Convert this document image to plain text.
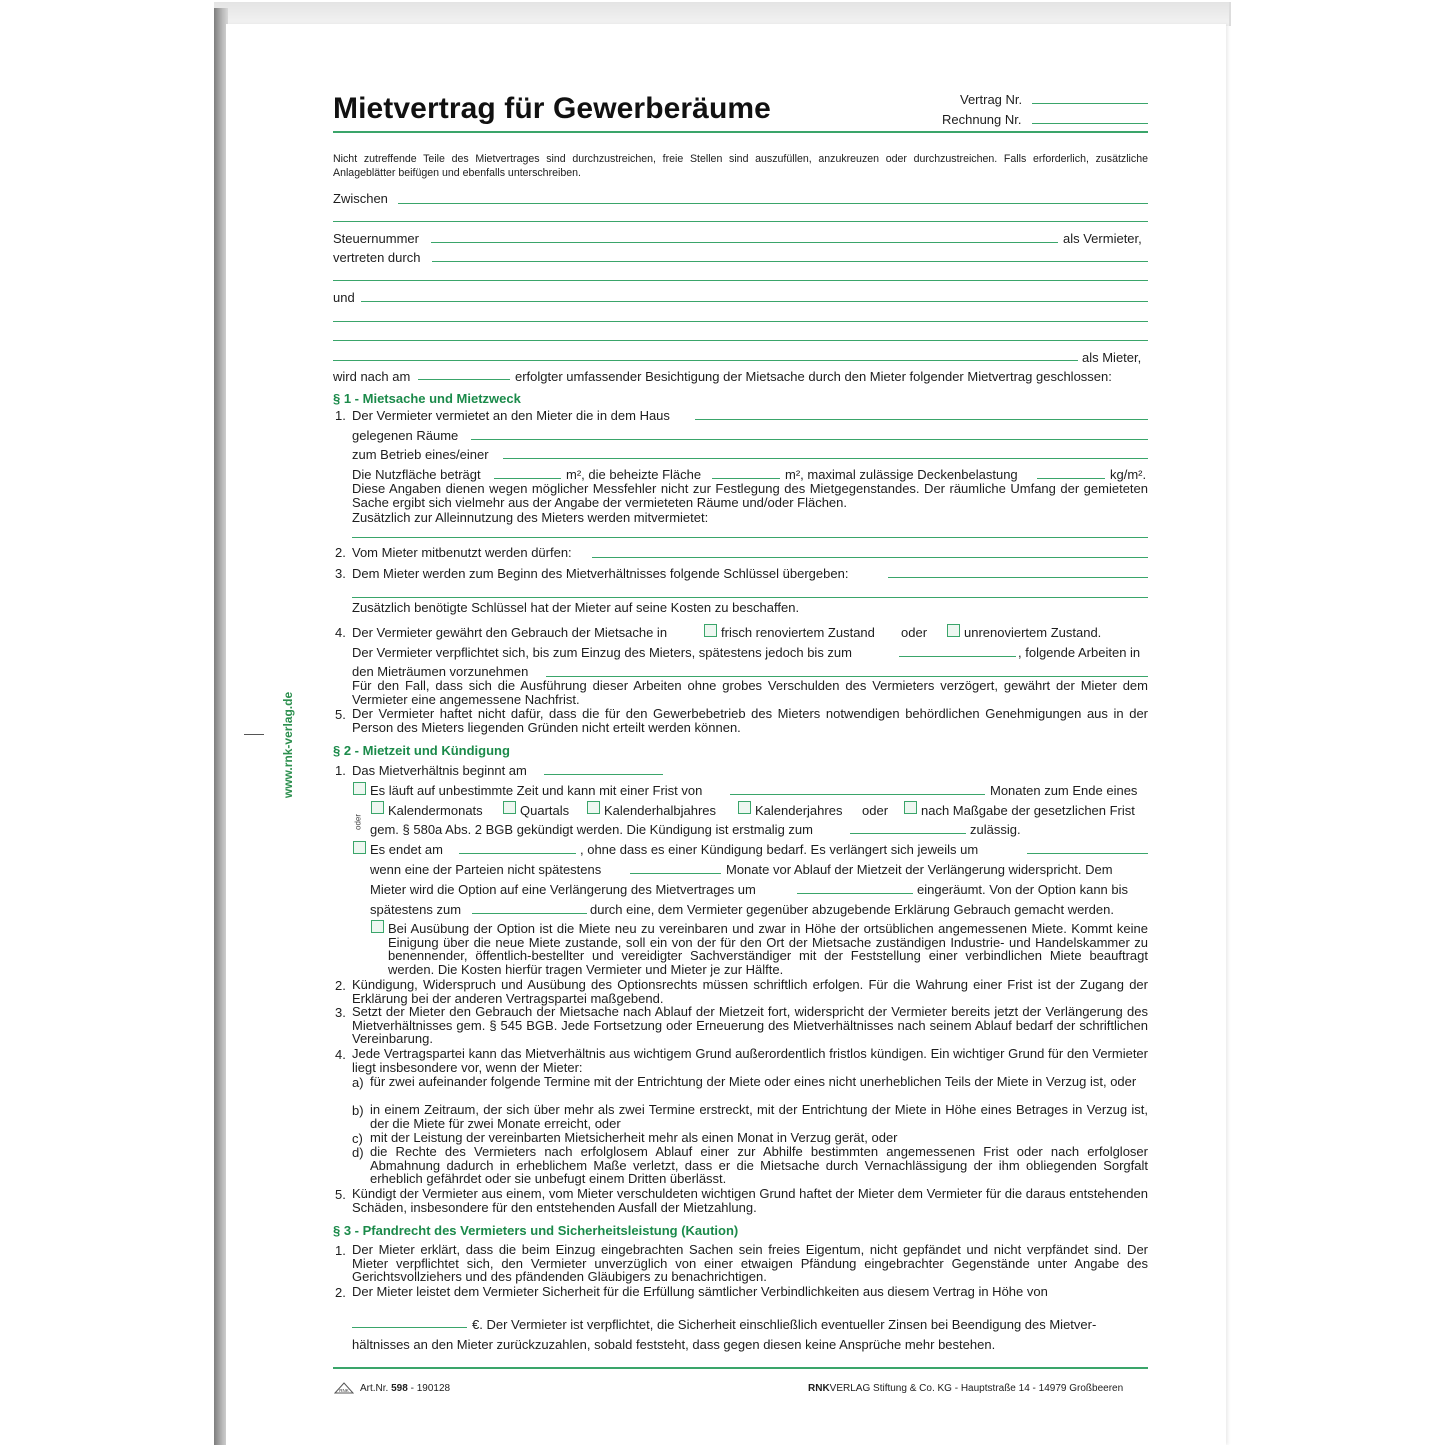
www.rnk-verlag.de
Mietvertrag für Gewerberäume	Vertrag Nr.
Rechnung Nr.
Nicht zutreffende Teile des Mietvertrages sind durchzustreichen, freie Stellen sind auszufüllen, anzukreuzen oder durchzustreichen. Falls erforderlich, zusätzliche Anlageblätter beifügen und ebenfalls unterschreiben.
Zwischen
Steuernummer	als Vermieter,
vertreten durch
und
als Mieter,
wird nach am	erfolgter umfassender Besichtigung der Mietsache durch den Mieter folgender Mietvertrag geschlossen:
§ 1 - Mietsache und Mietzweck
1. Der Vermieter vermietet an den Mieter die in dem Haus
gelegenen Räume
zum Betrieb eines/einer
Die Nutzfläche beträgt	m², die beheizte Fläche	m², maximal zulässige Deckenbelastung	kg/m².
Diese Angaben dienen wegen möglicher Messfehler nicht zur Festlegung des Mietgegenstandes. Der räumliche Umfang der gemieteten Sache ergibt sich vielmehr aus der Angabe der vermieteten Räume und/oder Flächen.
Zusätzlich zur Alleinnutzung des Mieters werden mitvermietet:
2. Vom Mieter mitbenutzt werden dürfen:
3. Dem Mieter werden zum Beginn des Mietverhältnisses folgende Schlüssel übergeben:
Zusätzlich benötigte Schlüssel hat der Mieter auf seine Kosten zu beschaffen.
4. Der Vermieter gewährt den Gebrauch der Mietsache in	frisch renoviertem Zustand oder	unrenoviertem Zustand.
Der Vermieter verpflichtet sich, bis zum Einzug des Mieters, spätestens jedoch bis zum	, folgende Arbeiten in
den Mieträumen vorzunehmen
Für den Fall, dass sich die Ausführung dieser Arbeiten ohne grobes Verschulden des Vermieters verzögert, gewährt der Mieter dem Vermieter eine angemessene Nachfrist.
5. Der Vermieter haftet nicht dafür, dass die für den Gewerbebetrieb des Mieters notwendigen behördlichen Genehmigungen aus in der Person des Mieters liegenden Gründen nicht erteilt werden können.
§ 2 - Mietzeit und Kündigung
1. Das Mietverhältnis beginnt am
Es läuft auf unbestimmte Zeit und kann mit einer Frist von	Monaten zum Ende eines
oder
Kalendermonats	Quartals	Kalenderhalbjahres	Kalenderjahres oder	nach Maßgabe der gesetzlichen Frist
gem. § 580a Abs. 2 BGB gekündigt werden. Die Kündigung ist erstmalig zum	zulässig.
Es endet am	, ohne dass es einer Kündigung bedarf. Es verlängert sich jeweils um
wenn eine der Parteien nicht spätestens	Monate vor Ablauf der Mietzeit der Verlängerung widerspricht. Dem
Mieter wird die Option auf eine Verlängerung des Mietvertrages um	eingeräumt. Von der Option kann bis
spätestens zum	durch eine, dem Vermieter gegenüber abzugebende Erklärung Gebrauch gemacht werden.
Bei Ausübung der Option ist die Miete neu zu vereinbaren und zwar in Höhe der ortsüblichen angemessenen Miete. Kommt keine Einigung über die neue Miete zustande, soll ein von der für den Ort der Mietsache zuständigen Industrie- und Handelskammer zu benennender, öffentlich-bestellter und vereidigter Sachverständiger mit der Feststellung einer verbindlichen Miete beauftragt werden. Die Kosten hierfür tragen Vermieter und Mieter je zur Hälfte.
2. Kündigung, Widerspruch und Ausübung des Optionsrechts müssen schriftlich erfolgen. Für die Wahrung einer Frist ist der Zugang der Erklärung bei der anderen Vertragspartei maßgebend.
3. Setzt der Mieter den Gebrauch der Mietsache nach Ablauf der Mietzeit fort, widerspricht der Vermieter bereits jetzt der Verlängerung des Mietverhältnisses gem. § 545 BGB. Jede Fortsetzung oder Erneuerung des Mietverhältnisses nach seinem Ablauf bedarf der schriftlichen Vereinbarung.
4. Jede Vertragspartei kann das Mietverhältnis aus wichtigem Grund außerordentlich fristlos kündigen. Ein wichtiger Grund für den Vermieter liegt insbesondere vor, wenn der Mieter:
a) für zwei aufeinander folgende Termine mit der Entrichtung der Miete oder eines nicht unerheblichen Teils der Miete in Verzug ist, oder
b) in einem Zeitraum, der sich über mehr als zwei Termine erstreckt, mit der Entrichtung der Miete in Höhe eines Betrages in Verzug ist, der die Miete für zwei Monate erreicht, oder
c) mit der Leistung der vereinbarten Mietsicherheit mehr als einen Monat in Verzug gerät, oder
d) die Rechte des Vermieters nach erfolglosem Ablauf einer zur Abhilfe bestimmten angemessenen Frist oder nach erfolgloser Abmahnung dadurch in erheblichem Maße verletzt, dass er die Mietsache durch Vernachlässigung der ihm obliegenden Sorgfalt erheblich gefährdet oder sie unbefugt einem Dritten überlässt.
5. Kündigt der Vermieter aus einem, vom Mieter verschuldeten wichtigen Grund haftet der Mieter dem Vermieter für die daraus entstehenden Schäden, insbesondere für den entstehenden Ausfall der Mietzahlung.
§ 3 - Pfandrecht des Vermieters und Sicherheitsleistung (Kaution)
1. Der Mieter erklärt, dass die beim Einzug eingebrachten Sachen sein freies Eigentum, nicht gepfändet und nicht verpfändet sind. Der Mieter verpflichtet sich, den Vermieter unverzüglich von einer etwaigen Pfändung eingebrachter Gegenstände unter Angabe des Gerichtsvollziehers und des pfändenden Gläubigers zu benachrichtigen.
2. Der Mieter leistet dem Vermieter Sicherheit für die Erfüllung sämtlicher Verbindlichkeiten aus diesem Vertrag in Höhe von
€. Der Vermieter ist verpflichtet, die Sicherheit einschließlich eventueller Zinsen bei Beendigung des Mietver-
hältnisses an den Mieter zurückzuzahlen, sobald feststeht, dass gegen diesen keine Ansprüche mehr bestehen.
RNK Art.Nr. 598 - 190128	RNKVERLAG Stiftung & Co. KG - Hauptstraße 14 - 14979 Großbeeren
